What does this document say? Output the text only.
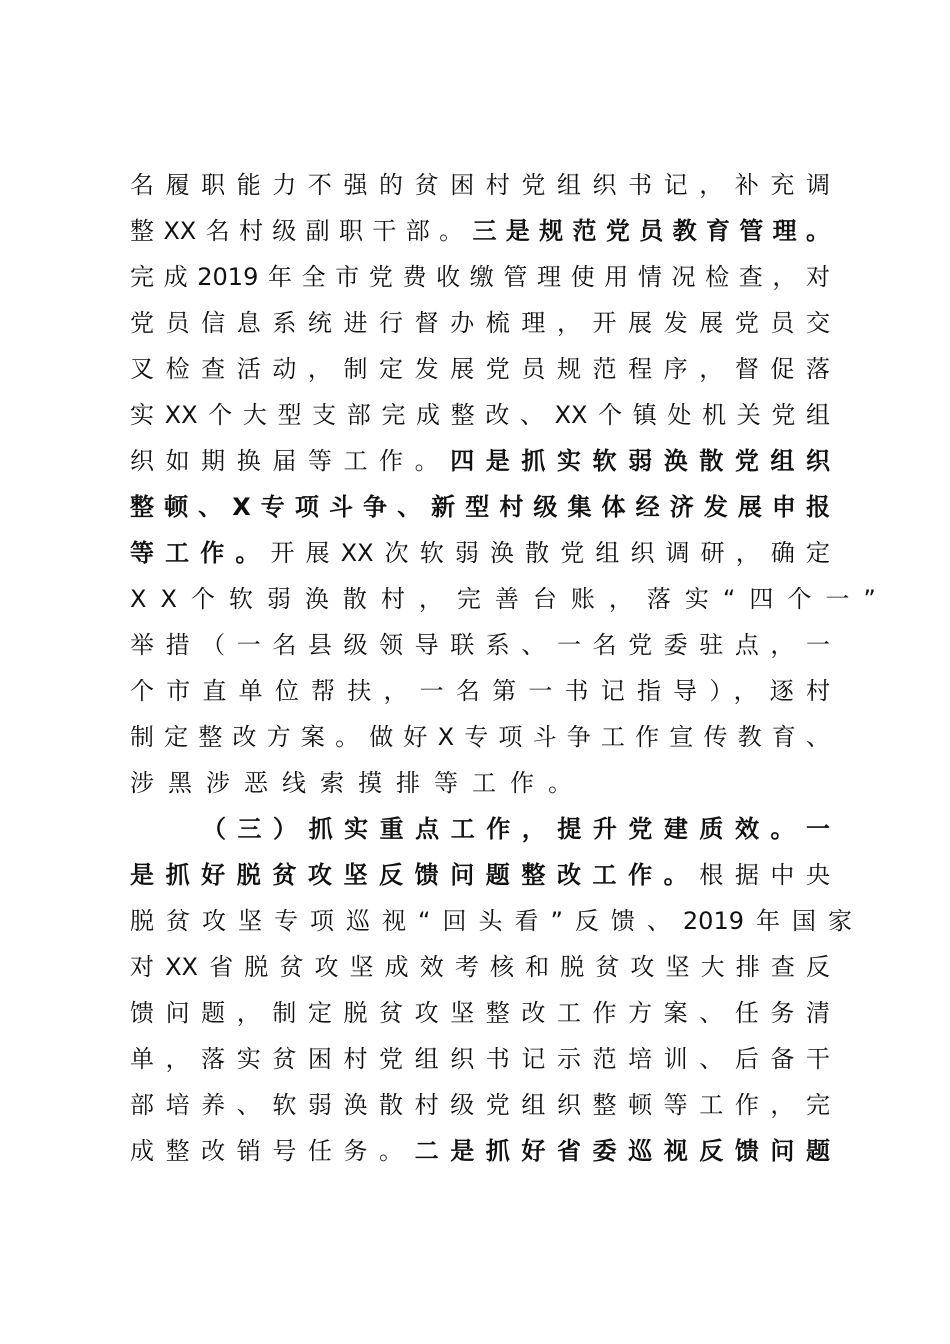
名履职能力不强的贫困村党组织书记，补充调
整XX名村级副职干部。三是规范党员教育管理。
完成2019年全市党费收缴管理使用情况检查，对
党员信息系统进行督办梳理，开展发展党员交
叉检查活动，制定发展党员规范程序，督促落
实XX个大型支部完成整改、XX个镇处机关党组
织如期换届等工作。四是抓实软弱涣散党组织
整顿、X专项斗争、新型村级集体经济发展申报
等工作。开展XX次软弱涣散党组织调研，确定
XX个软弱涣散村，完善台账，落实“四个一”
举措（一名县级领导联系、一名党委驻点，一
个市直单位帮扶，一名第一书记指导），逐村
制定整改方案。做好X专项斗争工作宣传教育、
涉黑涉恶线索摸排等工作。
（三）抓实重点工作，提升党建质效。一
是抓好脱贫攻坚反馈问题整改工作。根据中央
脱贫攻坚专项巡视“回头看”反馈、2019年国家
对XX省脱贫攻坚成效考核和脱贫攻坚大排查反
馈问题，制定脱贫攻坚整改工作方案、任务清
单，落实贫困村党组织书记示范培训、后备干
部培养、软弱涣散村级党组织整顿等工作，完
成整改销号任务。二是抓好省委巡视反馈问题
